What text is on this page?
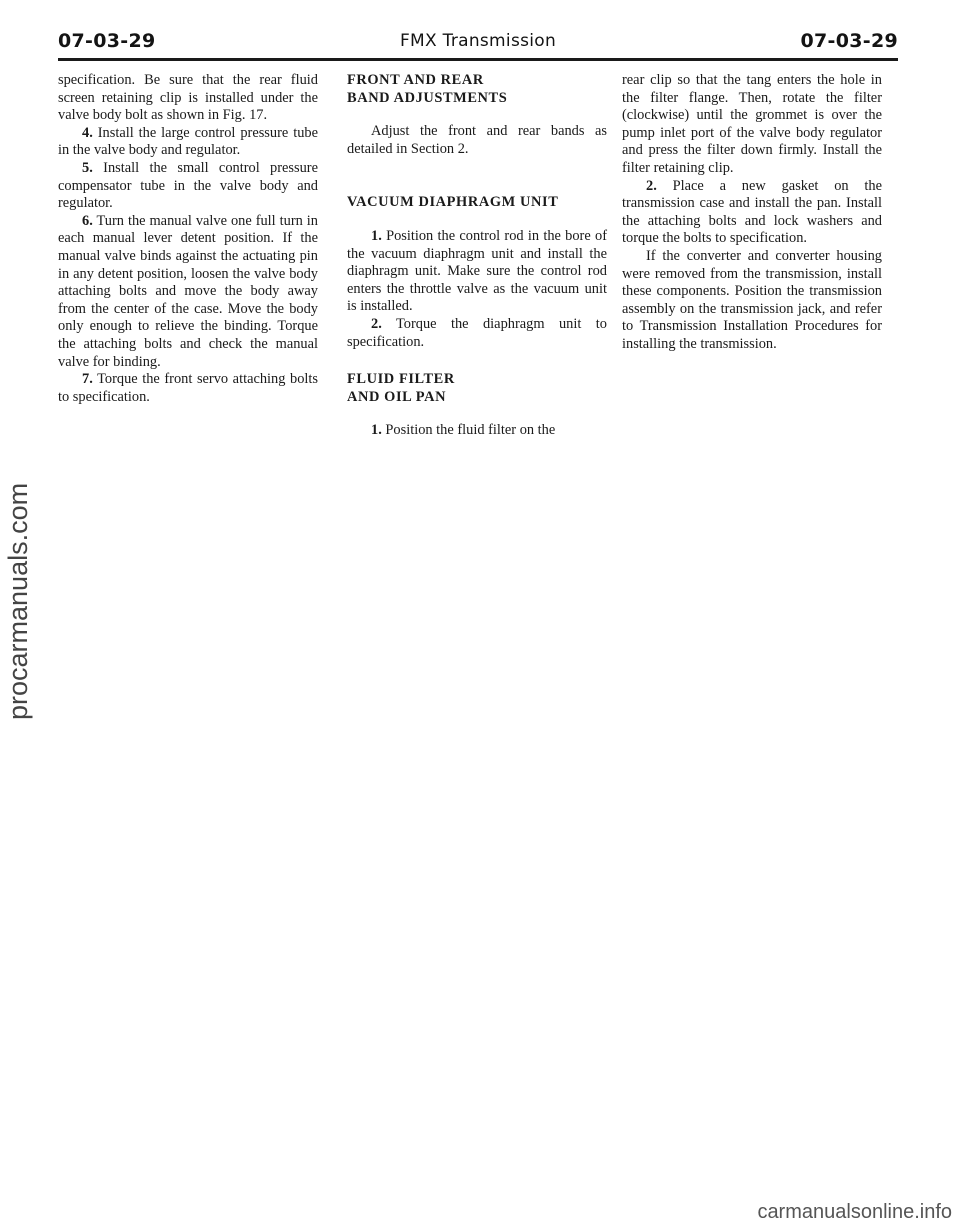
07-03-29	FMX Transmission	07-03-29

specification. Be sure that the rear fluid screen retaining clip is installed under the valve body bolt as shown in Fig. 17.

4. Install the large control pressure tube in the valve body and regulator.

5. Install the small control pressure compensator tube in the valve body and regulator.

6. Turn the manual valve one full turn in each manual lever detent position. If the manual valve binds against the actuating pin in any detent position, loosen the valve body attaching bolts and move the body away from the center of the case. Move the body only enough to relieve the binding. Torque the attaching bolts and check the manual valve for binding.

7. Torque the front servo attaching bolts to specification.

FRONT AND REAR
BAND ADJUSTMENTS

Adjust the front and rear bands as detailed in Section 2.

VACUUM DIAPHRAGM UNIT

1. Position the control rod in the bore of the vacuum diaphragm unit and install the diaphragm unit. Make sure the control rod enters the throttle valve as the vacuum unit is installed.

2. Torque the diaphragm unit to specification.

FLUID FILTER
AND OIL PAN

1. Position the fluid filter on the

rear clip so that the tang enters the hole in the filter flange. Then, rotate the filter (clockwise) until the grommet is over the pump inlet port of the valve body regulator and press the filter down firmly. Install the filter retaining clip.

2. Place a new gasket on the transmission case and install the pan. Install the attaching bolts and lock washers and torque the bolts to specification.

If the converter and converter housing were removed from the transmission, install these components. Position the transmission assembly on the transmission jack, and refer to Transmission Installation Procedures for installing the transmission.

procarmanuals.com
carmanualsonline.info
